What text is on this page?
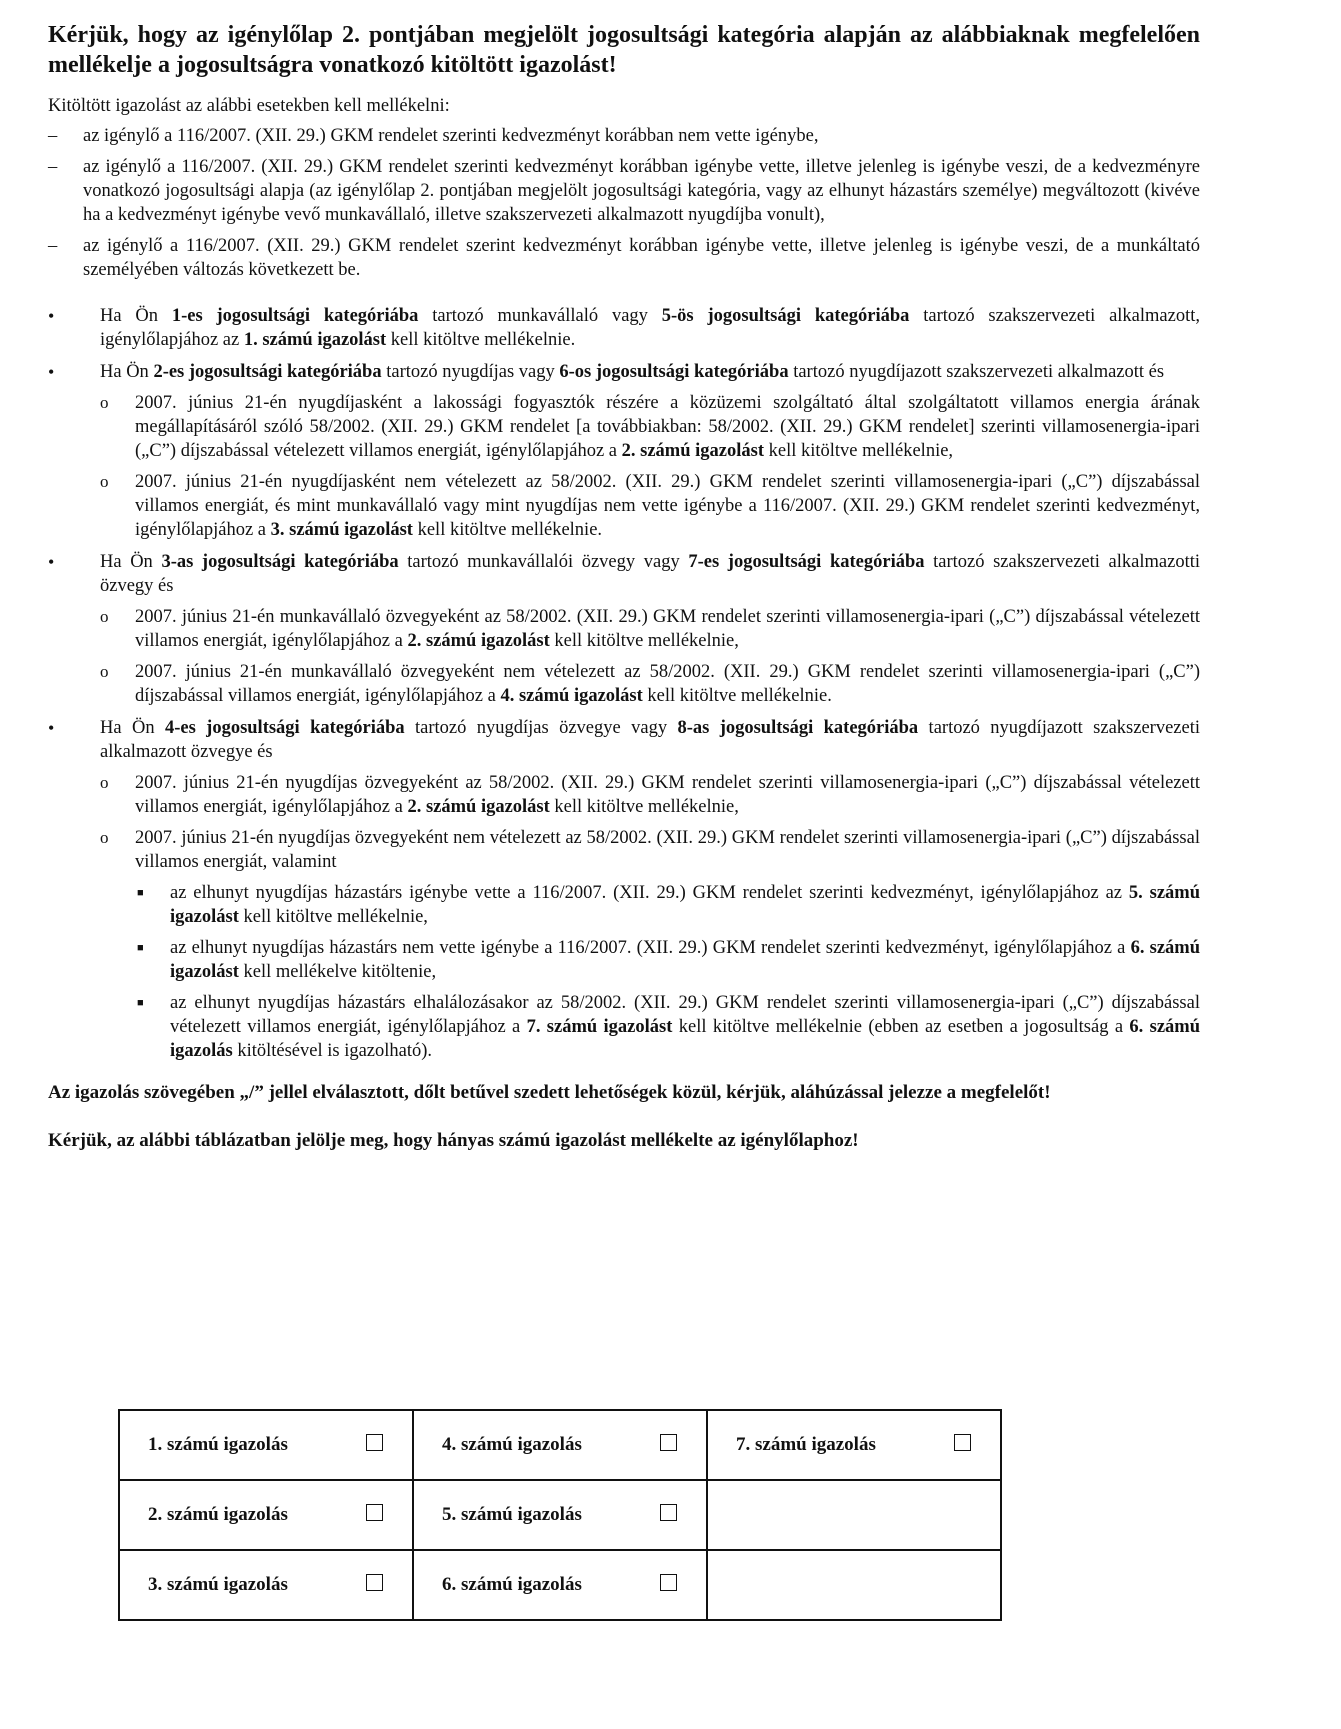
Kérjük, hogy az igénylőlap 2. pontjában megjelölt jogosultsági kategória alapján az alábbiaknak megfelelően mellékelje a jogosultságra vonatkozó kitöltött igazolást!

Kitöltött igazolást az alábbi esetekben kell mellékelni:

– az igénylő a 116/2007. (XII. 29.) GKM rendelet szerinti kedvezményt korábban nem vette igénybe,
– az igénylő a 116/2007. (XII. 29.) GKM rendelet szerinti kedvezményt korábban igénybe vette, illetve jelenleg is igénybe veszi, de a kedvezményre vonatkozó jogosultsági alapja (az igénylőlap 2. pontjában megjelölt jogosultsági kategória, vagy az elhunyt házastárs személye) megváltozott (kivéve ha a kedvezményt igénybe vevő munkavállaló, illetve szakszervezeti alkalmazott nyugdíjba vonult),
– az igénylő a 116/2007. (XII. 29.) GKM rendelet szerint kedvezményt korábban igénybe vette, illetve jelenleg is igénybe veszi, de a munkáltató személyében változás következett be.
• Ha Ön 1-es jogosultsági kategóriába tartozó munkavállaló vagy 5-ös jogosultsági kategóriába tartozó szakszervezeti alkalmazott, igénylőlapjához az 1. számú igazolást kell kitöltve mellékelnie.
• Ha Ön 2-es jogosultsági kategóriába tartozó nyugdíjas vagy 6-os jogosultsági kategóriába tartozó nyugdíjazott szakszervezeti alkalmazott és
o 2007. június 21-én nyugdíjasként a lakossági fogyasztók részére a közüzemi szolgáltató által szolgáltatott villamos energia árának megállapításáról szóló 58/2002. (XII. 29.) GKM rendelet [a továbbiakban: 58/2002. (XII. 29.) GKM rendelet] szerinti villamosenergia-ipari („C”) díjszabással vételezett villamos energiát, igénylőlapjához a 2. számú igazolást kell kitöltve mellékelnie,
o 2007. június 21-én nyugdíjasként nem vételezett az 58/2002. (XII. 29.) GKM rendelet szerinti villamosenergia-ipari („C”) díjszabással villamos energiát, és mint munkavállaló vagy mint nyugdíjas nem vette igénybe a 116/2007. (XII. 29.) GKM rendelet szerinti kedvezményt, igénylőlapjához a 3. számú igazolást kell kitöltve mellékelnie.
• Ha Ön 3-as jogosultsági kategóriába tartozó munkavállalói özvegy vagy 7-es jogosultsági kategóriába tartozó szakszervezeti alkalmazotti özvegy és
o 2007. június 21-én munkavállaló özvegyeként az 58/2002. (XII. 29.) GKM rendelet szerinti villamosenergia-ipari („C”) díjszabással vételezett villamos energiát, igénylőlapjához a 2. számú igazolást kell kitöltve mellékelnie,
o 2007. június 21-én munkavállaló özvegyeként nem vételezett az 58/2002. (XII. 29.) GKM rendelet szerinti villamosenergia-ipari („C”) díjszabással villamos energiát, igénylőlapjához a 4. számú igazolást kell kitöltve mellékelnie.
• Ha Ön 4-es jogosultsági kategóriába tartozó nyugdíjas özvegye vagy 8-as jogosultsági kategóriába tartozó nyugdíjazott szakszervezeti alkalmazott özvegye és
o 2007. június 21-én nyugdíjas özvegyeként az 58/2002. (XII. 29.) GKM rendelet szerinti villamosenergia-ipari („C”) díjszabással vételezett villamos energiát, igénylőlapjához a 2. számú igazolást kell kitöltve mellékelnie,
o 2007. június 21-én nyugdíjas özvegyeként nem vételezett az 58/2002. (XII. 29.) GKM rendelet szerinti villamosenergia-ipari („C”) díjszabással villamos energiát, valamint
■ az elhunyt nyugdíjas házastárs igénybe vette a 116/2007. (XII. 29.) GKM rendelet szerinti kedvezményt, igénylőlapjához az 5. számú igazolást kell kitöltve mellékelnie,
■ az elhunyt nyugdíjas házastárs nem vette igénybe a 116/2007. (XII. 29.) GKM rendelet szerinti kedvezményt, igénylőlapjához a 6. számú igazolást kell mellékelve kitöltenie,
■ az elhunyt nyugdíjas házastárs elhalálozásakor az 58/2002. (XII. 29.) GKM rendelet szerinti villamosenergia-ipari („C”) díjszabással vételezett villamos energiát, igénylőlapjához a 7. számú igazolást kell kitöltve mellékelnie (ebben az esetben a jogosultság a 6. számú igazolás kitöltésével is igazolható).

Az igazolás szövegében „/” jellel elválasztott, dőlt betűvel szedett lehetőségek közül, kérjük, aláhúzással jelezze a megfelelőt!

Kérjük, az alábbi táblázatban jelölje meg, hogy hányas számú igazolást mellékelte az igénylőlaphoz!

1. számú igazolás	4. számú igazolás	7. számú igazolás
2. számú igazolás	5. számú igazolás	
3. számú igazolás	6. számú igazolás	
